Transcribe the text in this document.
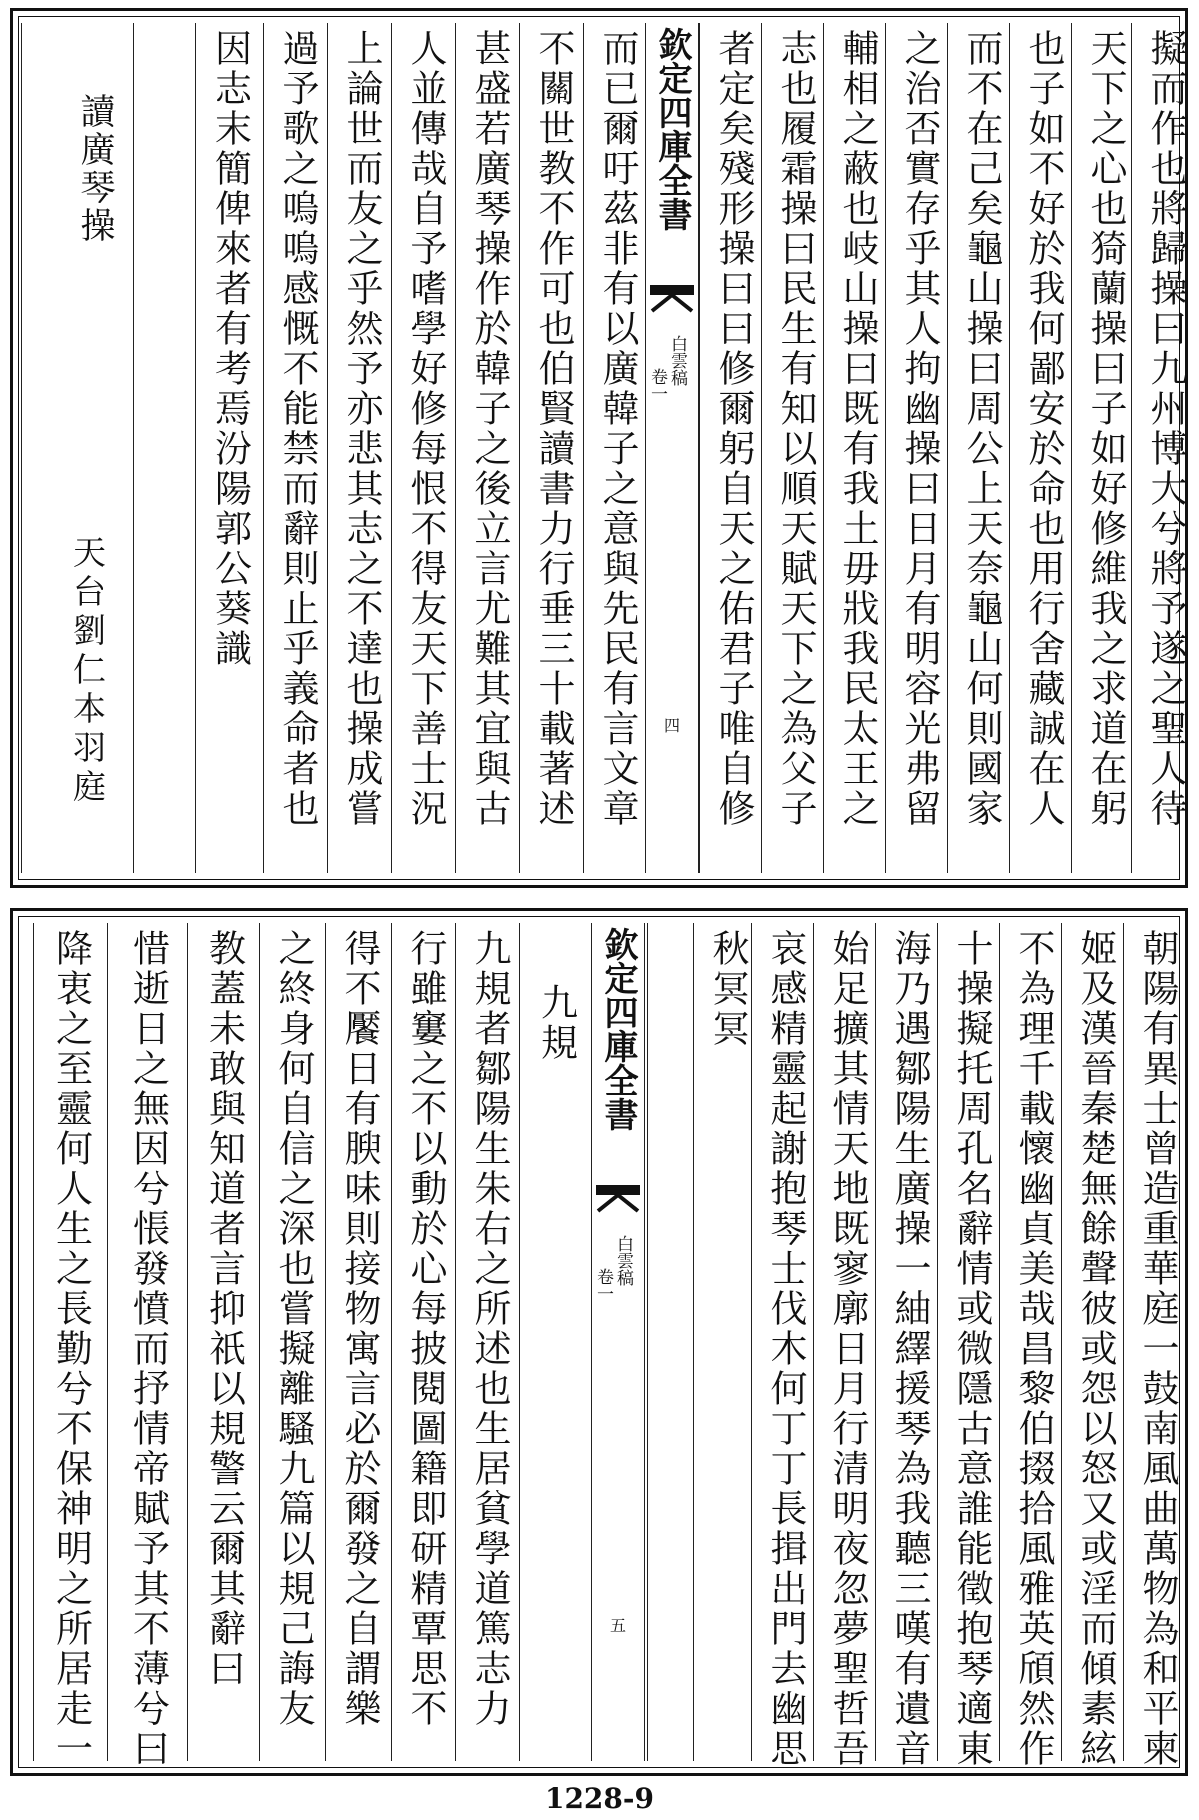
擬而作也將歸操曰九州博大兮將予遂之聖人待
天下之心也猗蘭操曰子如好修維我之求道在躬
也子如不好於我何鄙安於命也用行舍藏誠在人
而不在己矣龜山操曰周公上天奈龜山何則國家
之治否實存乎其人拘幽操曰日月有明容光弗留
輔相之蔽也岐山操曰既有我土毋戕我民太王之
志也履霜操曰民生有知以順天賦天下之為父子
者定矣殘形操曰曰修爾躬自天之佑君子唯自修
欽定四庫全書
白雲稿
卷一
四
而已爾吁茲非有以廣韓子之意與先民有言文章
不關世教不作可也伯賢讀書力行垂三十載著述
甚盛若廣琴操作於韓子之後立言尤難其宜與古
人並傳哉自予嗜學好修每恨不得友天下善士況
上論世而友之乎然予亦悲其志之不達也操成嘗
過予歌之嗚嗚感慨不能禁而辭則止乎義命者也
因志末簡俾來者有考焉汾陽郭公葵識
讀廣琴操
天台劉仁本羽庭
朝陽有異士曾造重華庭一鼓南風曲萬物為和平柬
姬及漢晉秦楚無餘聲彼或怨以怒又或淫而傾素絃
不為理千載懷幽貞美哉昌黎伯掇拾風雅英頎然作
十操擬托周孔名辭情或微隱古意誰能徵抱琴適東
海乃遇鄒陽生廣操一紬繹援琴為我聽三嘆有遺音
始足擴其情天地既寥廓日月行清明夜忽夢聖哲吾
哀感精靈起謝抱琴士伐木何丁丁長揖出門去幽思
秋冥冥
欽定四庫全書
白雲稿
卷一
五
九規
九規者鄒陽生朱右之所述也生居貧學道篤志力
行雖窶之不以動於心每披閱圖籍即研精覃思不
得不饜日有腴味則接物寓言必於爾發之自謂樂
之終身何自信之深也嘗擬離騷九篇以規己誨友
教蓋未敢與知道者言抑祇以規警云爾其辭曰
惜逝日之無因兮悵發憤而抒情帝賦予其不薄兮曰
降衷之至靈何人生之長勤兮不保神明之所居走一
1228-9
